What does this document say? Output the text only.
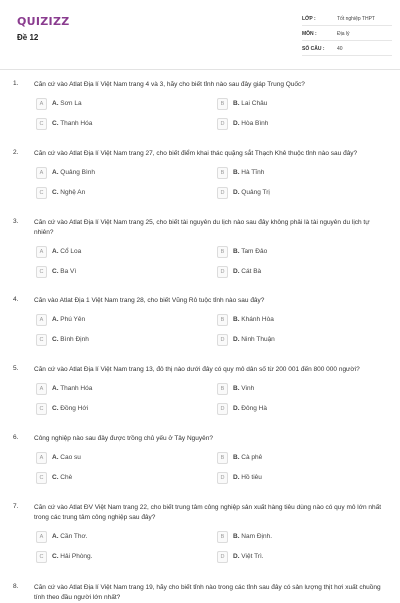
QUIZIZZ
Đề 12
LỚP :	Tốt nghiệp THPT
MÔN :	Địa lý
SỐ CÂU :	40
1. Căn cứ vào Atlat Địa lí Việt Nam trang 4 và 3, hãy cho biết tỉnh nào sau đây giáp Trung Quốc?
A	A. Sơn La	B	B. Lai Châu
C	C. Thanh Hóa	D	D. Hòa Bình
2. Căn cứ vào Atlat Địa lí Việt Nam trang 27, cho biết điểm khai thác quặng sắt Thạch Khê thuộc tỉnh nào sau đây?
A	A. Quảng Bình	B	B. Hà Tĩnh
C	C. Nghệ An	D	D. Quảng Trị
3. Căn cứ vào Atlat Địa lí Việt Nam trang 25, cho biết tài nguyên du lịch nào sau đây không phải là tài nguyên du lịch tự nhiên?
A	A. Cổ Loa	B	B. Tam Đảo
C	C. Ba Vì	D	D. Cát Bà
4. Căn vào Atlat Địa 1 Việt Nam trang 28, cho biết Vũng Rô tuộc tỉnh nào sau đây?
A	A. Phú Yên	B	B. Khánh Hòa
C	C. Bình Định	D	D. Ninh Thuận
5. Căn cứ vào Atlat Địa lí Việt Nam trang 13, đô thị nào dưới đây có quy mô dân số từ 200 001 đến 800 000 người?
A	A. Thanh Hóa	B	B. Vinh
C	C. Đồng Hới	D	D. Đông Hà
6. Công nghiệp nào sau đây được trồng chủ yếu ở Tây Nguyên?
A	A. Cao su	B	B. Cà phê
C	C. Chè	D	D. Hồ tiêu
7. Căn cứ vào Atlat ĐV Việt Nam trang 22, cho biết trung tâm công nghiệp sản xuất hàng tiêu dùng nào có quy mô lớn nhất trong các trung tâm công nghiệp sau đây?
A	A. Cần Thơ.	B	B. Nam Định.
C	C. Hải Phòng.	D	D. Việt Trì.
8. Căn cứ vào Atlat Địa lí Việt Nam trang 19, hãy cho biết tỉnh nào trong các tỉnh sau đây có sản lượng thịt hơi xuất chuồng tính theo đầu người lớn nhất?
